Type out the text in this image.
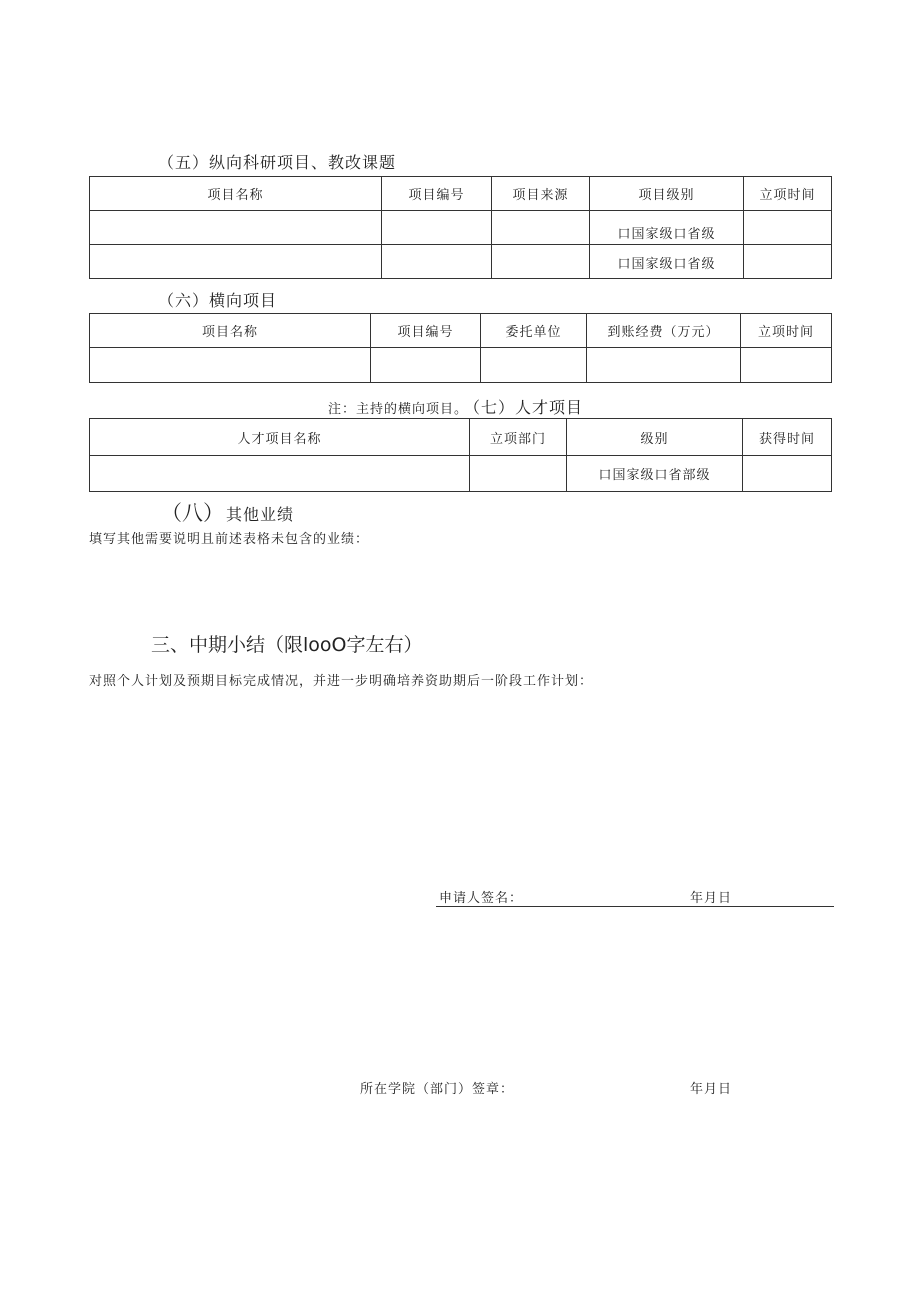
（五）纵向科研项目、教改课题
项目名称	项目编号	项目来源	项目级别	立项时间
			口国家级口省级	
			口国家级口省级	
（六）横向项目
项目名称	项目编号	委托单位	到账经费（万元）	立项时间

注：主持的横向项目。
（七）人才项目
人才项目名称	立项部门	级别	获得时间
		口国家级口省部级	
（八） 其他业绩
填写其他需要说明且前述表格未包含的业绩：
三、中期小结（限looO字左右）
对照个人计划及预期目标完成情况，并进一步明确培养资助期后一阶段工作计划：
申请人签名：	年月日
所在学院（部门）签章：	年月日
